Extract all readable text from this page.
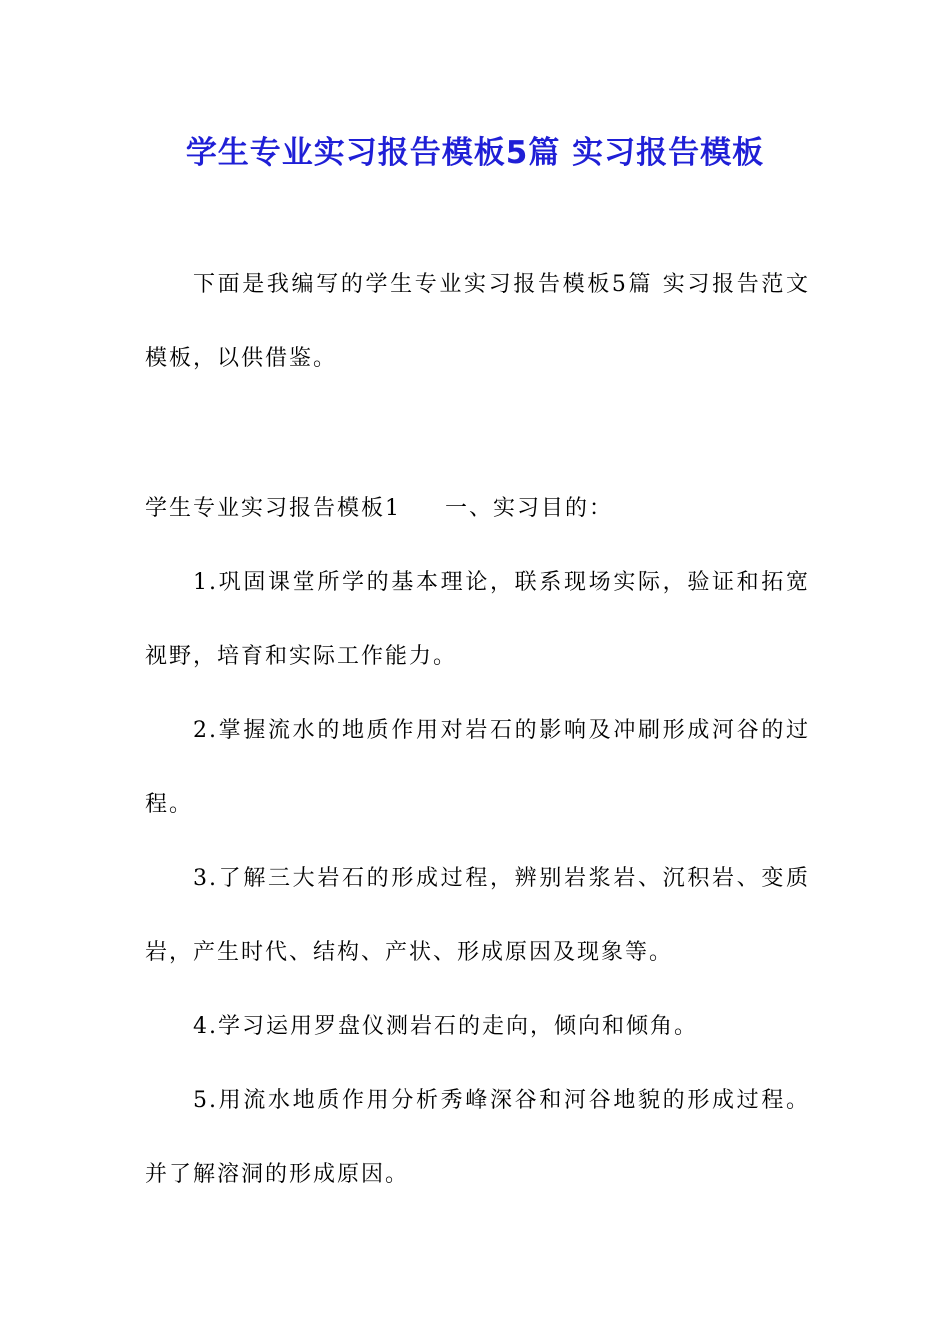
学生专业实习报告模板5篇 实习报告模板

下面是我编写的学生专业实习报告模板5篇 实习报告范文模板，以供借鉴。

学生专业实习报告模板1 一、实习目的：

1.巩固课堂所学的基本理论，联系现场实际，验证和拓宽视野，培育和实际工作能力。

2.掌握流水的地质作用对岩石的影响及冲刷形成河谷的过程。

3.了解三大岩石的形成过程，辨别岩浆岩、沉积岩、变质岩，产生时代、结构、产状、形成原因及现象等。

4.学习运用罗盘仪测岩石的走向，倾向和倾角。

5.用流水地质作用分析秀峰深谷和河谷地貌的形成过程。并了解溶洞的形成原因。
